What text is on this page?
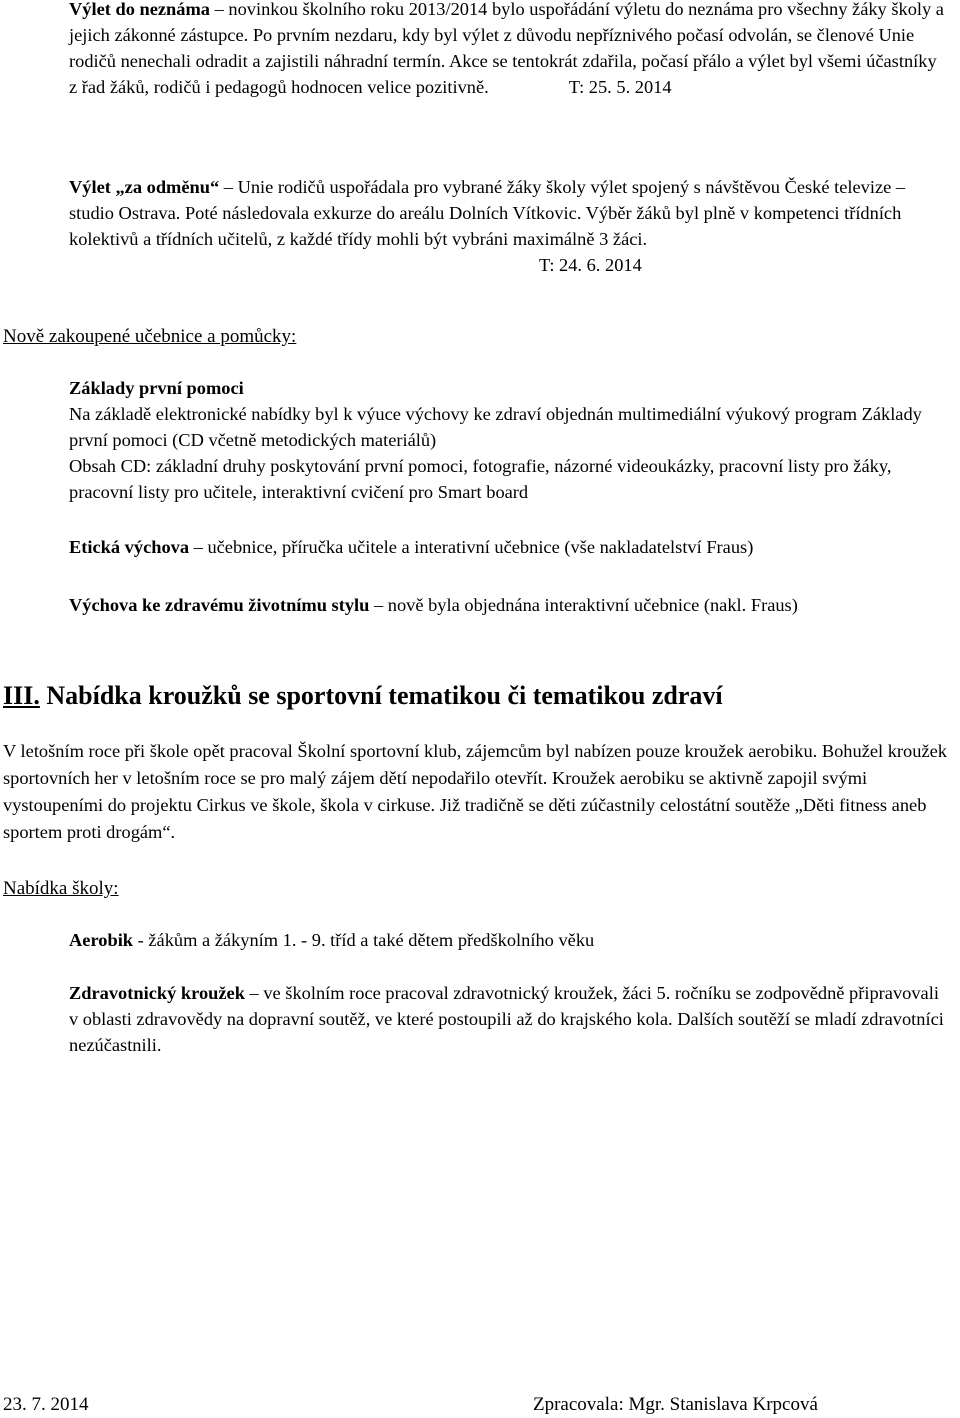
Výlet do neznáma – novinkou školního roku 2013/2014 bylo uspořádání výletu do neznáma pro všechny žáky školy a jejich zákonné zástupce. Po prvním nezdaru, kdy byl výlet z důvodu nepříznivého počasí odvolán, se členové Unie rodičů nenechali odradit a zajistili náhradní termín. Akce se tentokrát zdařila, počasí přálo a výlet byl všemi účastníky z řad žáků, rodičů i pedagogů hodnocen velice pozitivně.	T: 25. 5. 2014
Výlet „za odměnu“ – Unie rodičů uspořádala pro vybrané žáky školy výlet spojený s návštěvou České televize – studio Ostrava. Poté následovala exkurze do areálu Dolních Vítkovic. Výběr žáků byl plně v kompetenci třídních kolektivů a třídních učitelů, z každé třídy mohli být vybráni maximálně 3 žáci.T: 24. 6. 2014
Nově zakoupené učebnice a pomůcky:
Základy první pomoci
Na základě elektronické nabídky byl k výuce výchovy ke zdraví objednán multimediální výukový program Základy první pomoci (CD včetně metodických materiálů)
Obsah CD: základní druhy poskytování první pomoci, fotografie, názorné videoukázky, pracovní listy pro žáky, pracovní listy pro učitele, interaktivní cvičení pro Smart board
Etická výchova – učebnice, příručka učitele a interativní učebnice (vše nakladatelství Fraus)
Výchova ke zdravému životnímu stylu – nově byla objednána interaktivní učebnice (nakl. Fraus)
III. Nabídka kroužků se sportovní tematikou či tematikou zdraví
V letošním roce při škole opět pracoval Školní sportovní klub, zájemcům byl nabízen pouze kroužek aerobiku. Bohužel kroužek sportovních her v letošním roce se pro malý zájem dětí nepodařilo otevřít. Kroužek aerobiku se aktivně zapojil svými vystoupeními do projektu Cirkus ve škole, škola v cirkuse. Již tradičně se děti zúčastnily celostátní soutěže „Děti fitness aneb sportem proti drogám“.
Nabídka školy:
Aerobik - žákům a žákyním 1. - 9. tříd a také dětem předškolního věku
Zdravotnický kroužek – ve školním roce pracoval zdravotnický kroužek, žáci 5. ročníku se zodpovědně připravovali v oblasti zdravovědy na dopravní soutěž, ve které postoupili až do krajského kola. Dalších soutěží se mladí zdravotníci nezúčastnili.
23. 7. 2014	Zpracovala: Mgr. Stanislava Krpcová
